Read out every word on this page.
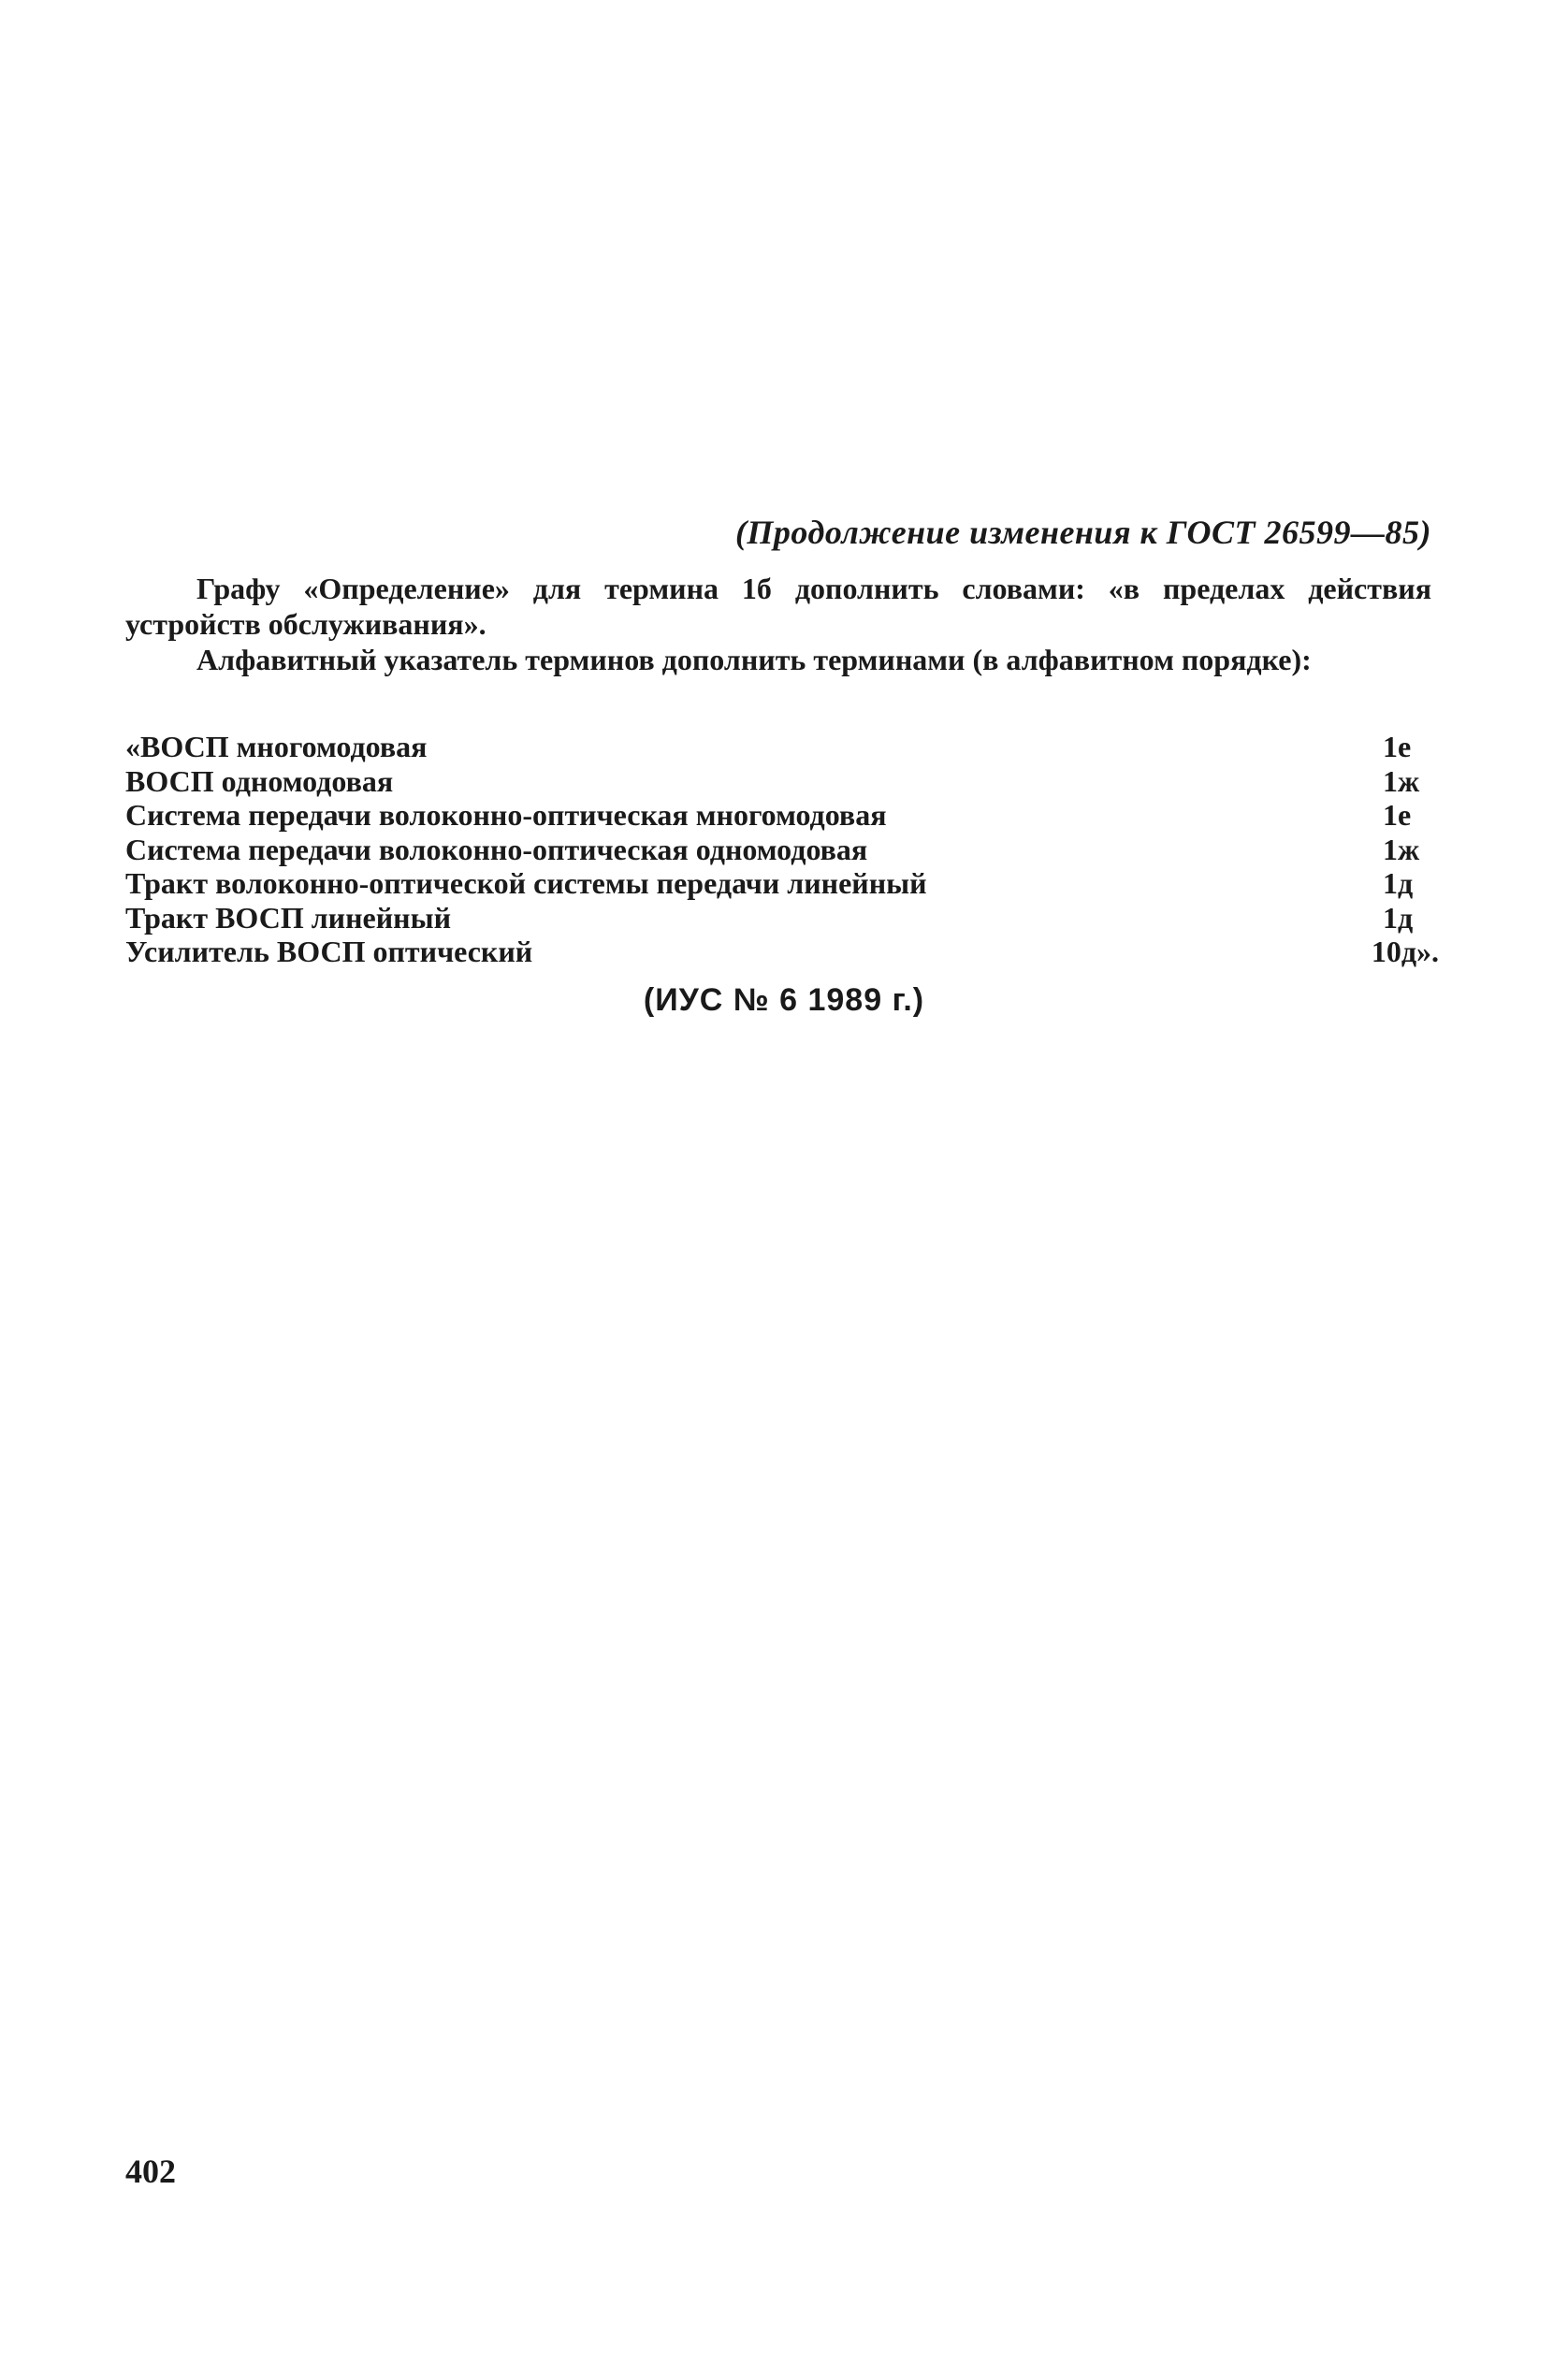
(Продолжение изменения к ГОСТ 26599—85)
Графу «Определение» для термина 1б дополнить словами: «в пределах действия устройств обслуживания».
Алфавитный указатель терминов дополнить терминами (в алфавитном порядке):
«ВОСП многомодовая	1е
ВОСП одномодовая	1ж
Система передачи волоконно-оптическая многомодовая	1е
Система передачи волоконно-оптическая одномодовая	1ж
Тракт волоконно-оптической системы передачи линейный	1д
Тракт ВОСП линейный	1д
Усилитель ВОСП оптический	10д».
(ИУС № 6 1989 г.)
402
